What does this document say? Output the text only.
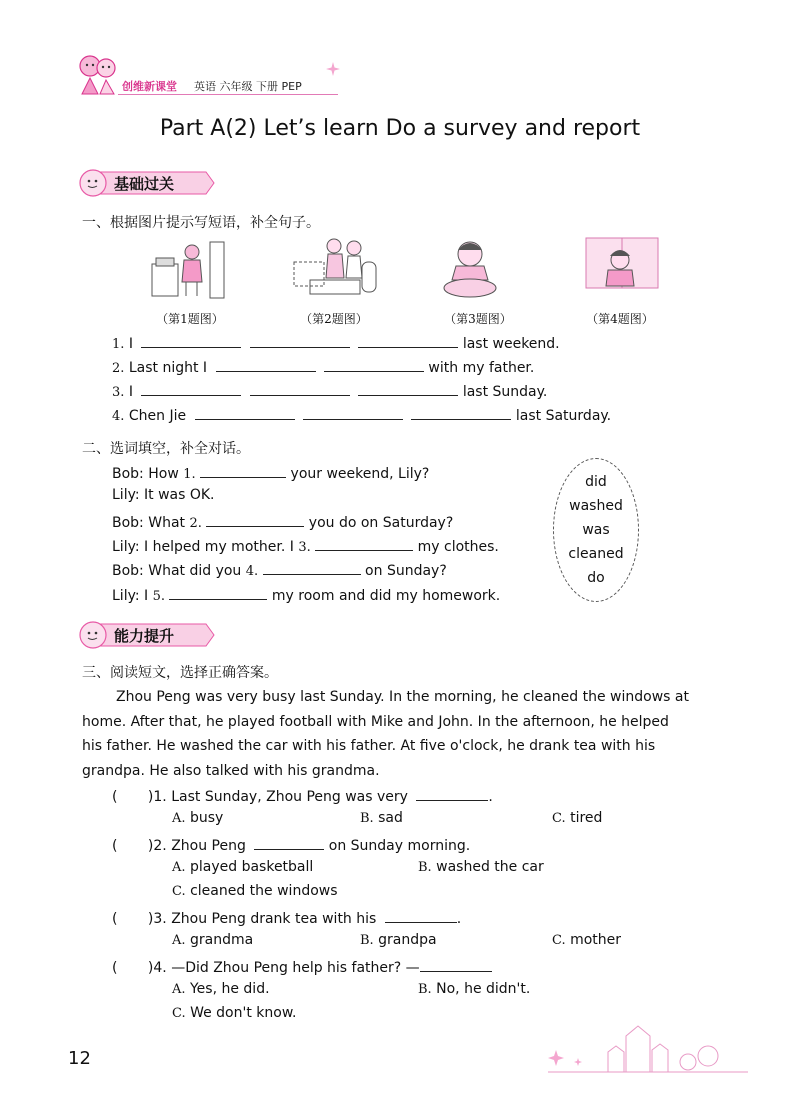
创维新课堂 英语 六年级 下册 PEP
Part A(2) Let’s learn Do a survey and report
基础过关
一、根据图片提示写短语，补全句子。
（第1题图）	（第2题图）	（第3题图）	（第4题图）
1. I	last weekend.
2. Last night I	with my father.
3. I	last Sunday.
4. Chen Jie	last Saturday.
二、选词填空，补全对话。
Bob: How 1.	your weekend, Lily?
Lily: It was OK.
Bob: What 2.	you do on Saturday?
Lily: I helped my mother. I 3.	my clothes.
Bob: What did you 4.	on Sunday?
Lily: I 5.	my room and did my homework.
did
washed
was
cleaned
do
能力提升
三、阅读短文，选择正确答案。
Zhou Peng was very busy last Sunday. In the morning, he cleaned the windows at
home. After that, he played football with Mike and John. In the afternoon, he helped
his father. He washed the car with his father. At five o'clock, he drank tea with his
grandpa. He also talked with his grandma.
( )1. Last Sunday, Zhou Peng was very	.
A. busy	B. sad	C. tired
( )2. Zhou Peng	on Sunday morning.
A. played basketball	B. washed the car
C. cleaned the windows
( )3. Zhou Peng drank tea with his	.
A. grandma	B. grandpa	C. mother
( )4. —Did Zhou Peng help his father? —
A. Yes, he did.	B. No, he didn't.
C. We don't know.
12
